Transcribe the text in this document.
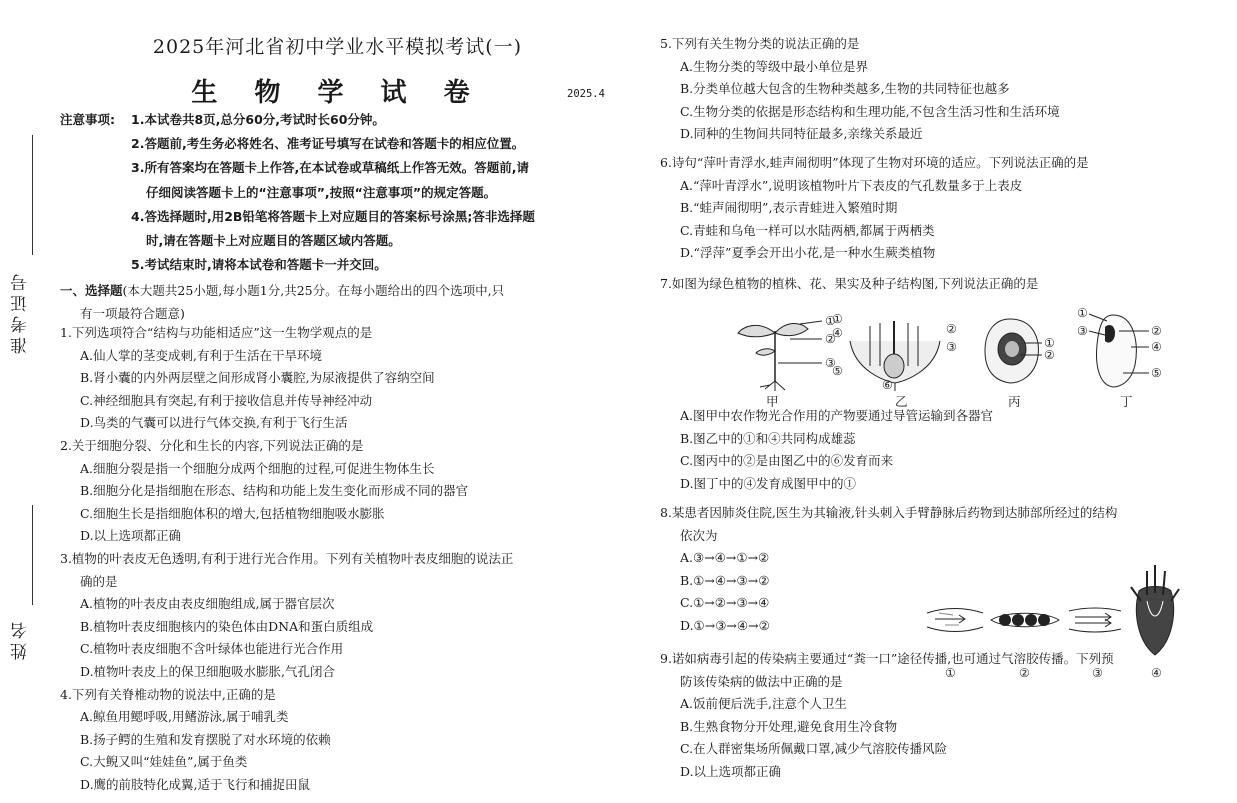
准考证号
姓名
2025年河北省初中学业水平模拟考试(一)
生 物 学 试 卷	2025.4
注意事项:	1.本试卷共8页,总分60分,考试时长60分钟。
2.答题前,考生务必将姓名、准考证号填写在试卷和答题卡的相应位置。
3.所有答案均在答题卡上作答,在本试卷或草稿纸上作答无效。答题前,请
仔细阅读答题卡上的“注意事项”,按照“注意事项”的规定答题。
4.答选择题时,用2B铅笔将答题卡上对应题目的答案标号涂黑;答非选择题
时,请在答题卡上对应题目的答题区域内答题。
5.考试结束时,请将本试卷和答题卡一并交回。
一、选择题(本大题共25小题,每小题1分,共25分。在每小题给出的四个选项中,只
有一项最符合题意)
1.下列选项符合“结构与功能相适应”这一生物学观点的是
A.仙人掌的茎变成刺,有利于生活在干旱环境
B.肾小囊的内外两层壁之间形成肾小囊腔,为尿液提供了容纳空间
C.神经细胞具有突起,有利于接收信息并传导神经冲动
D.鸟类的气囊可以进行气体交换,有利于飞行生活
2.关于细胞分裂、分化和生长的内容,下列说法正确的是
A.细胞分裂是指一个细胞分成两个细胞的过程,可促进生物体生长
B.细胞分化是指细胞在形态、结构和功能上发生变化而形成不同的器官
C.细胞生长是指细胞体积的增大,包括植物细胞吸水膨胀
D.以上选项都正确
3.植物的叶表皮无色透明,有利于进行光合作用。下列有关植物叶表皮细胞的说法正
确的是
A.植物的叶表皮由表皮细胞组成,属于器官层次
B.植物叶表皮细胞核内的染色体由DNA和蛋白质组成
C.植物叶表皮细胞不含叶绿体也能进行光合作用
D.植物叶表皮上的保卫细胞吸水膨胀,气孔闭合
4.下列有关脊椎动物的说法中,正确的是
A.鲸鱼用鳃呼吸,用鳍游泳,属于哺乳类
B.扬子鳄的生殖和发育摆脱了对水环境的依赖
C.大鲵又叫“娃娃鱼”,属于鱼类
D.鹰的前肢特化成翼,适于飞行和捕捉田鼠
5.下列有关生物分类的说法正确的是
A.生物分类的等级中最小单位是界
B.分类单位越大包含的生物种类越多,生物的共同特征也越多
C.生物分类的依据是形态结构和生理功能,不包含生活习性和生活环境
D.同种的生物间共同特征最多,亲缘关系最近
6.诗句“萍叶青浮水,蛙声闹彻明”体现了生物对环境的适应。下列说法正确的是
A.“萍叶青浮水”,说明该植物叶片下表皮的气孔数量多于上表皮
B.“蛙声闹彻明”,表示青蛙进入繁殖时期
C.青蛙和乌龟一样可以水陆两栖,都属于两栖类
D.“浮萍”夏季会开出小花,是一种水生蕨类植物
7.如图为绿色植物的植株、花、果实及种子结构图,下列说法正确的是
①
②
③
甲
①
④	②
③
⑤
⑥
乙
①
②
丙
①
③	②
④
⑤
丁
A.图甲中农作物光合作用的产物要通过导管运输到各器官
B.图乙中的①和④共同构成雄蕊
C.图丙中的②是由图乙中的⑥发育而来
D.图丁中的④发育成图甲中的①
8.某患者因肺炎住院,医生为其输液,针头刺入手臂静脉后药物到达肺部所经过的结构
依次为
A.③→④→①→②
B.①→④→③→②
C.①→②→③→④
D.①→③→④→②
①	②	③	④
9.诺如病毒引起的传染病主要通过“粪一口”途径传播,也可通过气溶胶传播。下列预
防该传染病的做法中正确的是
A.饭前便后洗手,注意个人卫生
B.生熟食物分开处理,避免食用生冷食物
C.在人群密集场所佩戴口罩,减少气溶胶传播风险
D.以上选项都正确
